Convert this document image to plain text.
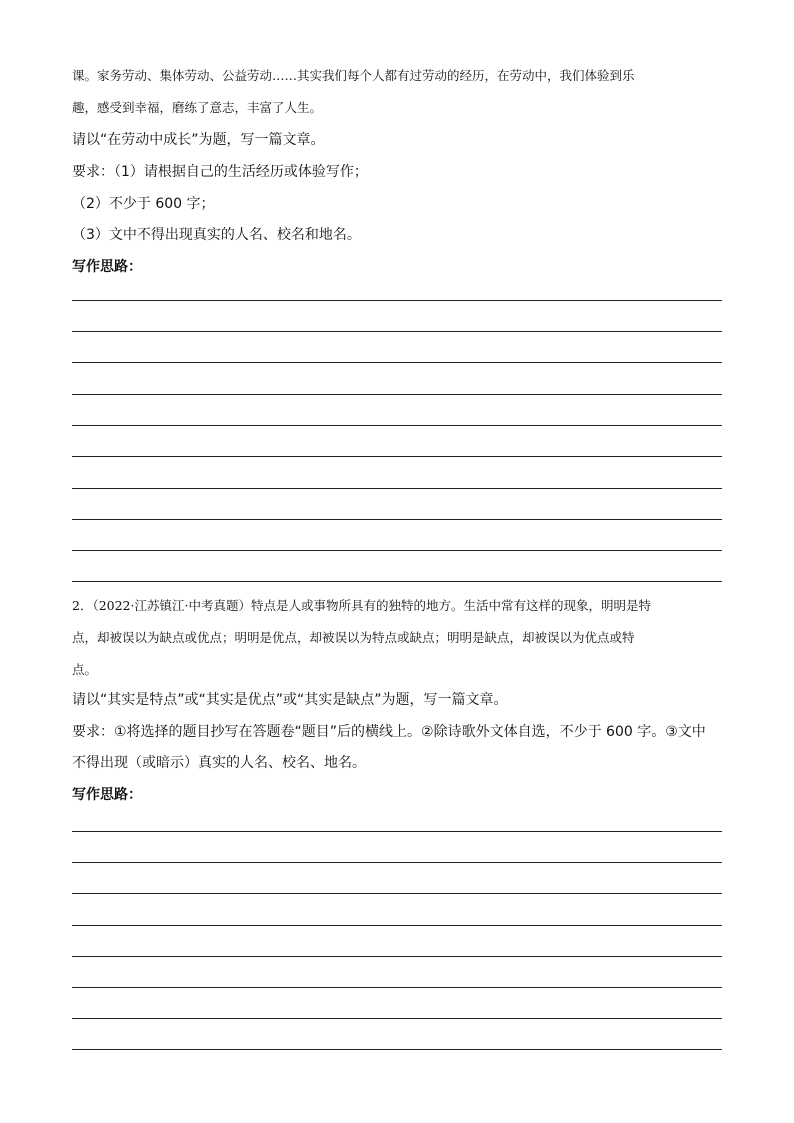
课。家务劳动、集体劳动、公益劳动……其实我们每个人都有过劳动的经历，在劳动中，我们体验到乐
趣，感受到幸福，磨练了意志，丰富了人生。
请以“在劳动中成长”为题，写一篇文章。
要求：（1）请根据自己的生活经历或体验写作；
（2）不少于 600 字；
（3）文中不得出现真实的人名、校名和地名。
写作思路：
2．（2022·江苏镇江·中考真题）特点是人或事物所具有的独特的地方。生活中常有这样的现象，明明是特
点，却被误以为缺点或优点；明明是优点，却被误以为特点或缺点；明明是缺点，却被误以为优点或特
点。
请以“其实是特点”或“其实是优点”或“其实是缺点”为题，写一篇文章。
要求：①将选择的题目抄写在答题卷“题目”后的横线上。②除诗歌外文体自选，不少于 600 字。③文中
不得出现（或暗示）真实的人名、校名、地名。
写作思路：
